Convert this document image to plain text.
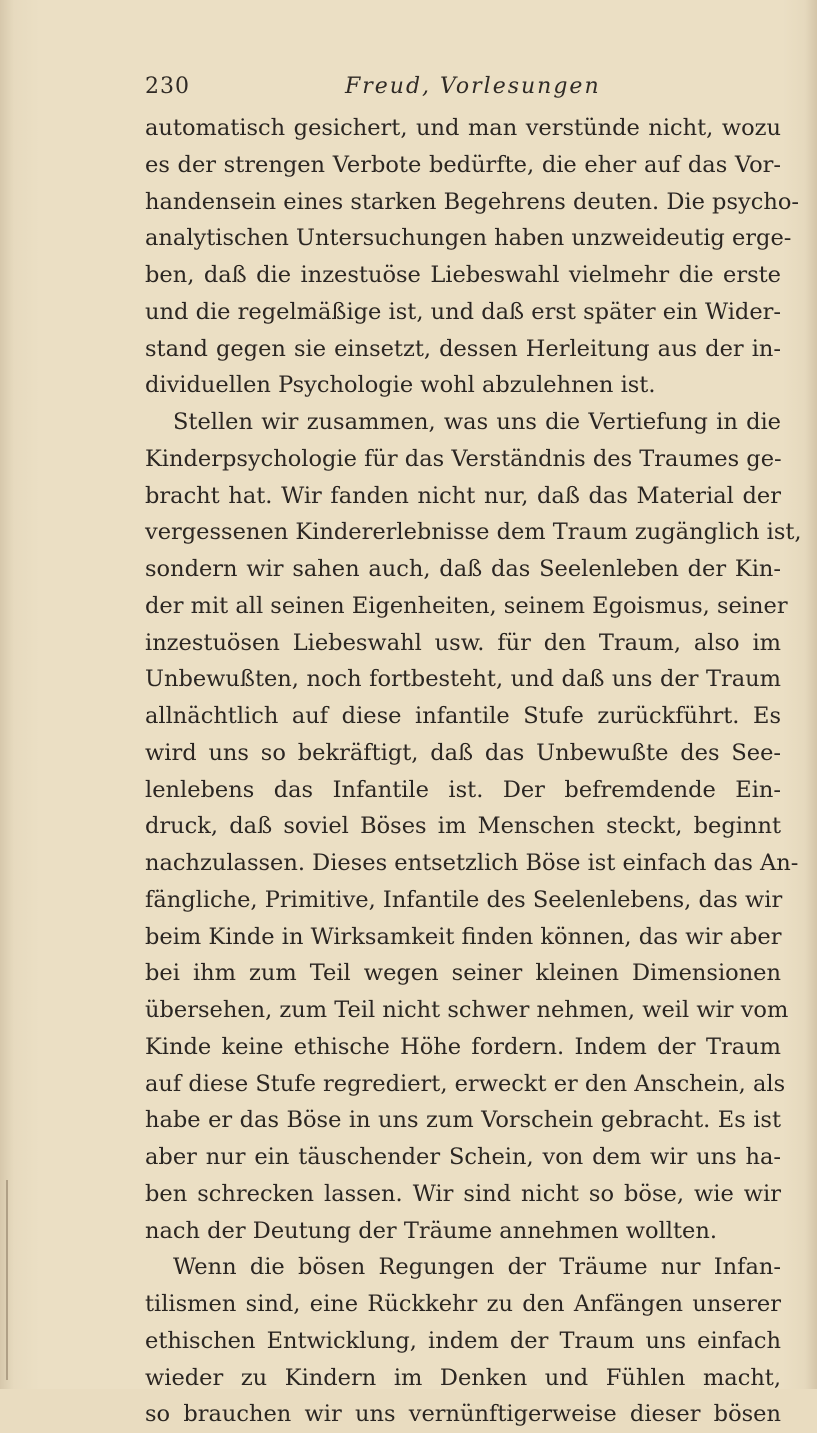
230	Freud, Vorlesungen
automatisch gesichert, und man verstünde nicht, wozu
es der strengen Verbote bedürfte, die eher auf das Vor-
handensein eines starken Begehrens deuten. Die psycho-
analytischen Untersuchungen haben unzweideutig erge-
ben, daß die inzestuöse Liebeswahl vielmehr die erste
und die regelmäßige ist, und daß erst später ein Wider-
stand gegen sie einsetzt, dessen Herleitung aus der in-
dividuellen Psychologie wohl abzulehnen ist.
Stellen wir zusammen, was uns die Vertiefung in die
Kinderpsychologie für das Verständnis des Traumes ge-
bracht hat. Wir fanden nicht nur, daß das Material der
vergessenen Kindererlebnisse dem Traum zugänglich ist,
sondern wir sahen auch, daß das Seelenleben der Kin-
der mit all seinen Eigenheiten, seinem Egoismus, seiner
inzestuösen Liebeswahl usw. für den Traum, also im
Unbewußten, noch fortbesteht, und daß uns der Traum
allnächtlich auf diese infantile Stufe zurückführt. Es
wird uns so bekräftigt, daß das Unbewußte des See-
lenlebens das Infantile ist. Der befremdende Ein-
druck, daß soviel Böses im Menschen steckt, beginnt
nachzulassen. Dieses entsetzlich Böse ist einfach das An-
fängliche, Primitive, Infantile des Seelenlebens, das wir
beim Kinde in Wirksamkeit finden können, das wir aber
bei ihm zum Teil wegen seiner kleinen Dimensionen
übersehen, zum Teil nicht schwer nehmen, weil wir vom
Kinde keine ethische Höhe fordern. Indem der Traum
auf diese Stufe regrediert, erweckt er den Anschein, als
habe er das Böse in uns zum Vorschein gebracht. Es ist
aber nur ein täuschender Schein, von dem wir uns ha-
ben schrecken lassen. Wir sind nicht so böse, wie wir
nach der Deutung der Träume annehmen wollten.
Wenn die bösen Regungen der Träume nur Infan-
tilismen sind, eine Rückkehr zu den Anfängen unserer
ethischen Entwicklung, indem der Traum uns einfach
wieder zu Kindern im Denken und Fühlen macht,
so brauchen wir uns vernünftigerweise dieser bösen
